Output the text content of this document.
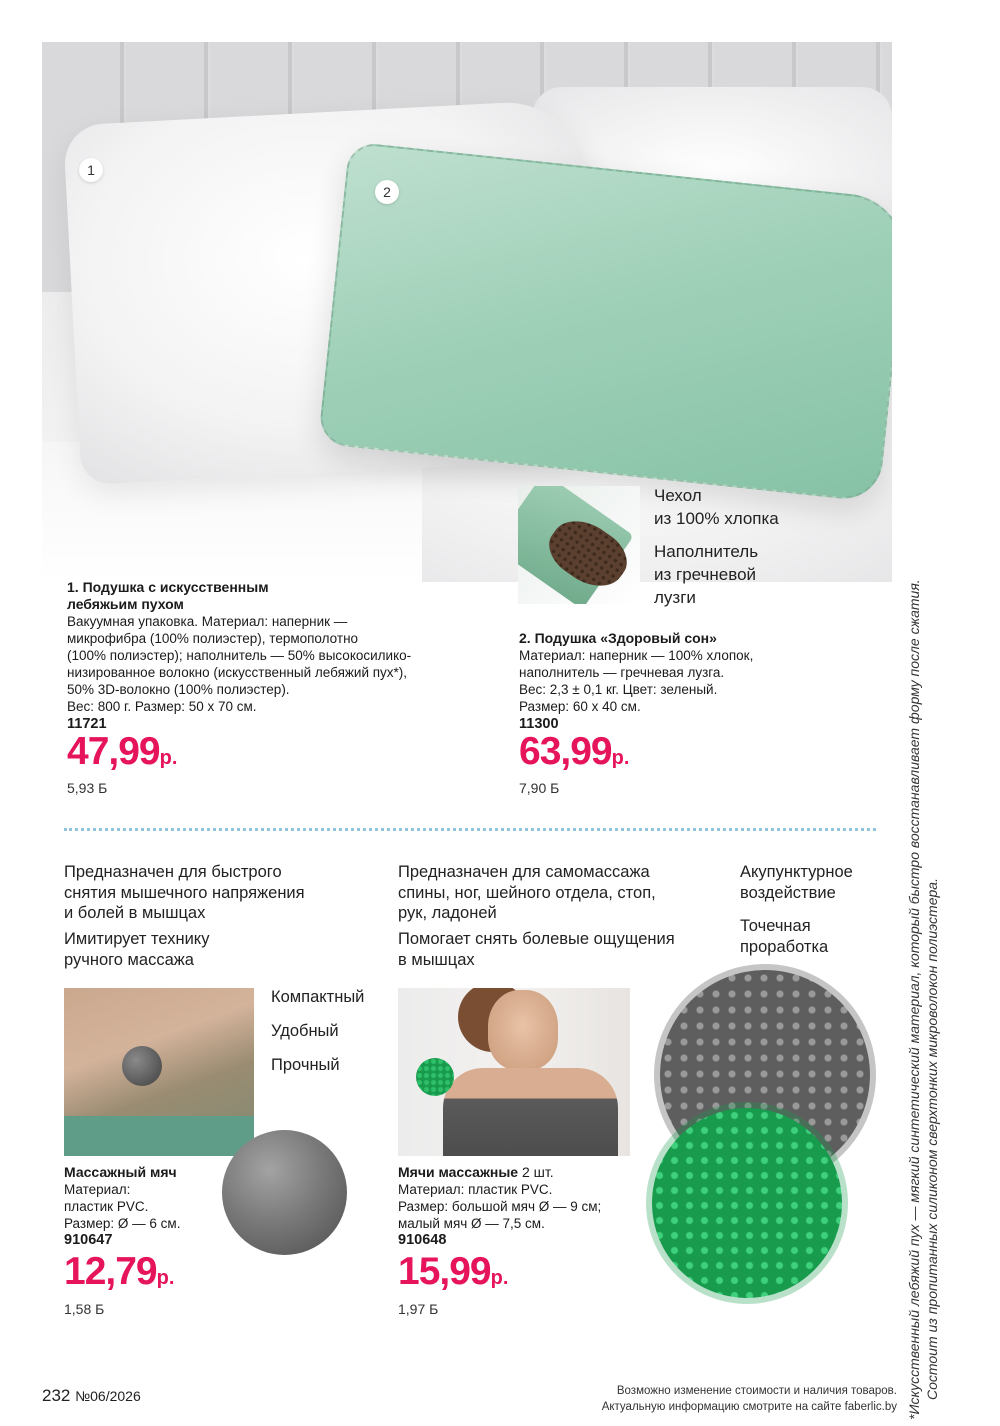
1
2
Чехол
из 100% хлопка
Наполнитель
из гречневой
лузги
1. Подушка с искусственным
лебяжьим пухом
Вакуумная упаковка. Материал: наперник —
микрофибра (100% полиэстер), термополотно
(100% полиэстер); наполнитель — 50% высокосилико-
низированное волокно (искусственный лебяжий пух*),
50% 3D-волокно (100% полиэстер).
Вес: 800 г. Размер: 50 х 70 см.
11721
47,99р.
5,93 Б
2. Подушка «Здоровый сон»
Материал: наперник — 100% хлопок,
наполнитель — гречневая лузга.
Вес: 2,3 ± 0,1 кг. Цвет: зеленый.
Размер: 60 х 40 см.
11300
63,99р.
7,90 Б
Предназначен для быстрого
снятия мышечного напряжения
и болей в мышцах
Имитирует технику
ручного массажа
Компактный
Удобный
Прочный
Массажный мяч
Материал:
пластик PVC.
Размер: Ø — 6 см.
910647
12,79р.
1,58 Б
Предназначен для самомассажа
спины, ног, шейного отдела, стоп,
рук, ладоней
Помогает снять болевые ощущения
в мышцах
Акупунктурное
воздействие
Точечная
проработка
Мячи массажные 2 шт.
Материал: пластик PVC.
Размер: большой мяч Ø — 9 см;
малый мяч Ø — 7,5 см.
910648
15,99р.
1,97 Б	*Искусственный лебяжий пух — мягкий синтетический материал, который быстро восстанавливает форму после сжатия. Состоит из пропитанных силиконом сверхтонких микроволокон полиэстера.
232 №06/2026	Возможно изменение стоимости и наличия товаров.
Актуальную информацию смотрите на сайте faberlic.by
